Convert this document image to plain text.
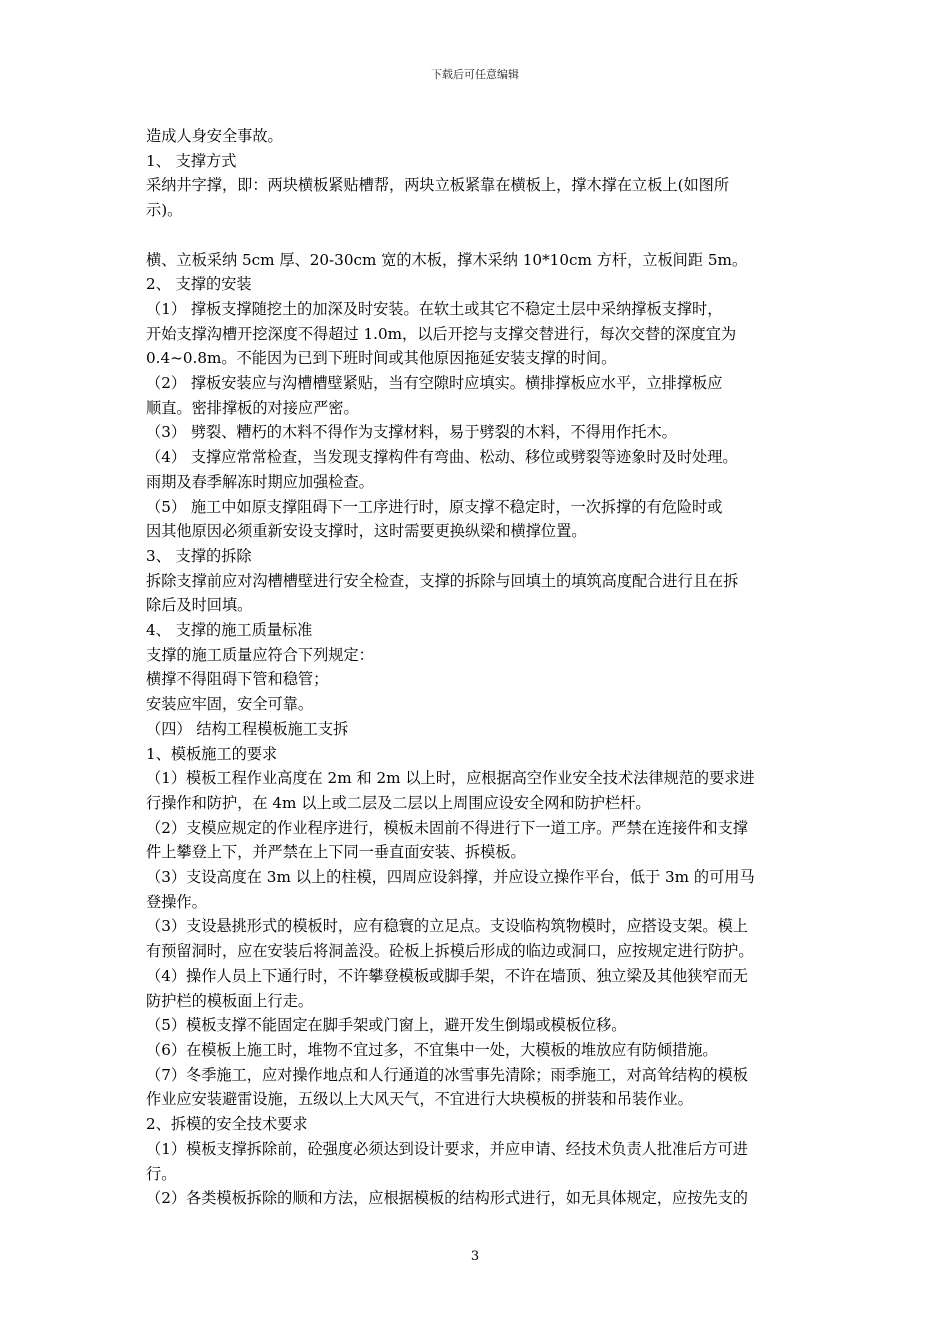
下载后可任意编辑

造成人身安全事故。

1、 支撑方式

采纳井字撑，即：两块横板紧贴槽帮，两块立板紧靠在横板上，撑木撑在立板上(如图所

示)。

横、立板采纳 5cm 厚、20-30cm 宽的木板，撑木采纳 10*10cm 方杆，立板间距 5m。

2、 支撑的安装

（1） 撑板支撑随挖土的加深及时安装。在软土或其它不稳定土层中采纳撑板支撑时，

开始支撑沟槽开挖深度不得超过 1.0m，以后开挖与支撑交替进行，每次交替的深度宜为

0.4~0.8m。不能因为已到下班时间或其他原因拖延安装支撑的时间。

（2） 撑板安装应与沟槽槽壁紧贴，当有空隙时应填实。横排撑板应水平，立排撑板应

顺直。密排撑板的对接应严密。

（3） 劈裂、糟朽的木料不得作为支撑材料，易于劈裂的木料，不得用作托木。

（4） 支撑应常常检查，当发现支撑构件有弯曲、松动、移位或劈裂等迹象时及时处理。

雨期及春季解冻时期应加强检查。

（5） 施工中如原支撑阻碍下一工序进行时，原支撑不稳定时，一次拆撑的有危险时或

因其他原因必须重新安设支撑时，这时需要更换纵梁和横撑位置。

3、 支撑的拆除

拆除支撑前应对沟槽槽壁进行安全检查，支撑的拆除与回填土的填筑高度配合进行且在拆

除后及时回填。

4、 支撑的施工质量标准

支撑的施工质量应符合下列规定：

横撑不得阻碍下管和稳管；

安装应牢固，安全可靠。

（四） 结构工程模板施工支拆

1、模板施工的要求

（1）模板工程作业高度在 2m 和 2m 以上时，应根据高空作业安全技术法律规范的要求进

行操作和防护，在 4m 以上或二层及二层以上周围应设安全网和防护栏杆。

（2）支模应规定的作业程序进行，模板未固前不得进行下一道工序。严禁在连接件和支撑

件上攀登上下，并严禁在上下同一垂直面安装、拆模板。

（3）支设高度在 3m 以上的柱模，四周应设斜撑，并应设立操作平台，低于 3m 的可用马

登操作。

（3）支设悬挑形式的模板时，应有稳寰的立足点。支设临构筑物模时，应搭设支架。模上

有预留洞时，应在安装后将洞盖没。砼板上拆模后形成的临边或洞口，应按规定进行防护。

（4）操作人员上下通行时，不许攀登模板或脚手架，不许在墙顶、独立梁及其他狭窄而无

防护栏的模板面上行走。

（5）模板支撑不能固定在脚手架或门窗上，避开发生倒塌或模板位移。

（6）在模板上施工时，堆物不宜过多，不宜集中一处，大模板的堆放应有防倾措施。

（7）冬季施工，应对操作地点和人行通道的冰雪事先清除；雨季施工，对高耸结构的模板

作业应安装避雷设施，五级以上大风天气，不宜进行大块模板的拼装和吊装作业。

2、拆模的安全技术要求

（1）模板支撑拆除前，砼强度必须达到设计要求，并应申请、经技术负责人批准后方可进

行。

（2）各类模板拆除的顺和方法，应根据模板的结构形式进行，如无具体规定，应按先支的

3
